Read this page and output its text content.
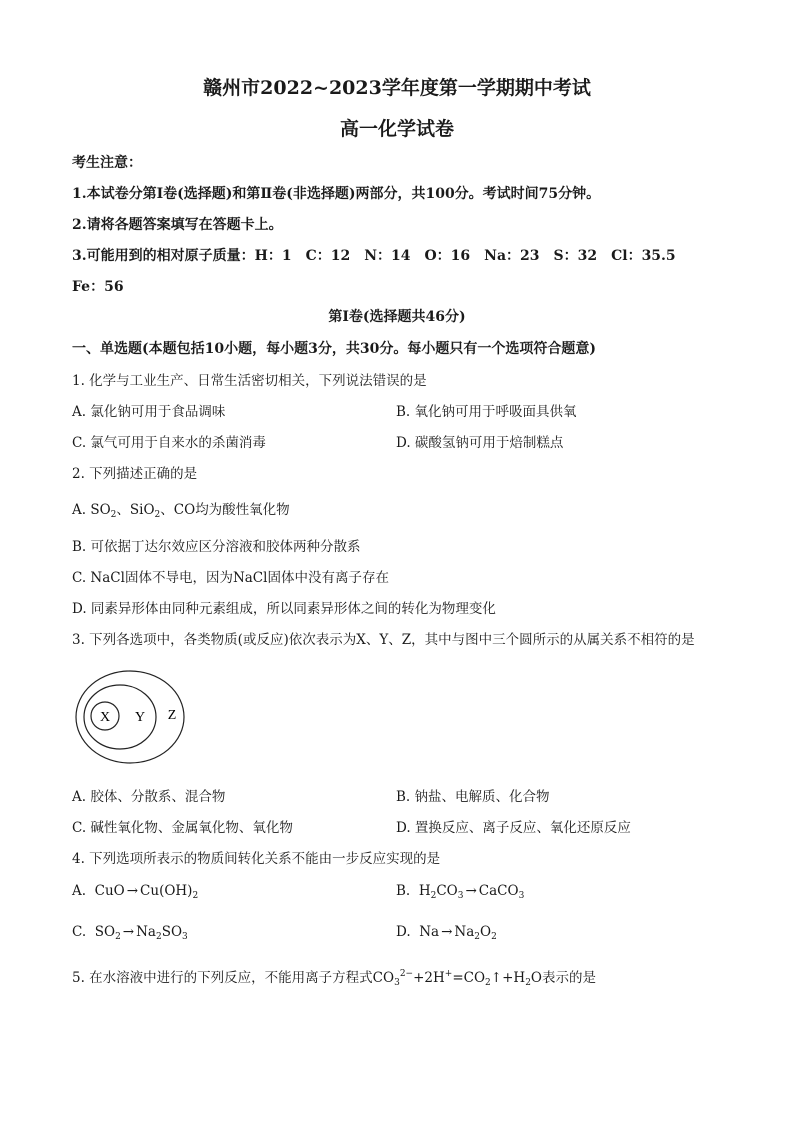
赣州市2022~2023学年度第一学期期中考试
高一化学试卷
考生注意：
1.本试卷分第Ⅰ卷(选择题)和第Ⅱ卷(非选择题)两部分，共100分。考试时间75分钟。
2.请将各题答案填写在答题卡上。
3.可能用到的相对原子质量：H：1　C：12　N：14　O：16　Na：23　S：32　Cl：35.5
Fe：56
第Ⅰ卷(选择题共46分)
一、单选题(本题包括10小题，每小题3分，共30分。每小题只有一个选项符合题意)
1. 化学与工业生产、日常生活密切相关，下列说法错误的是
A. 氯化钠可用于食品调味	B. 氧化钠可用于呼吸面具供氧
C. 氯气可用于自来水的杀菌消毒	D. 碳酸氢钠可用于焙制糕点
2. 下列描述正确的是
A. $SO_2$、SiO$_2$、CO均为酸性氧化物
B. 可依据丁达尔效应区分溶液和胶体两种分散系
C. NaCl固体不导电，因为NaCl固体中没有离子存在
D. 同素异形体由同种元素组成，所以同素异形体之间的转化为物理变化
3. 下列各选项中，各类物质(或反应)依次表示为X、Y、Z，其中与图中三个圆所示的从属关系不相符的是
X Y Z
A. 胶体、分散系、混合物	B. 钠盐、电解质、化合物
C. 碱性氧化物、金属氧化物、氧化物	D. 置换反应、离子反应、氧化还原反应
4. 下列选项所表示的物质间转化关系不能由一步反应实现的是
A. CuO → $Cu(OH)_2$	B. $H_2CO_3$ → CaCO$_3$
C. $SO_2 \to Na_2SO_3$	D. $Na \to Na_2O_2$
5. 在水溶液中进行的下列反应，不能用离子方程式$CO_3^{2-}+2H^+=CO_2↑+H_2O$表示的是
